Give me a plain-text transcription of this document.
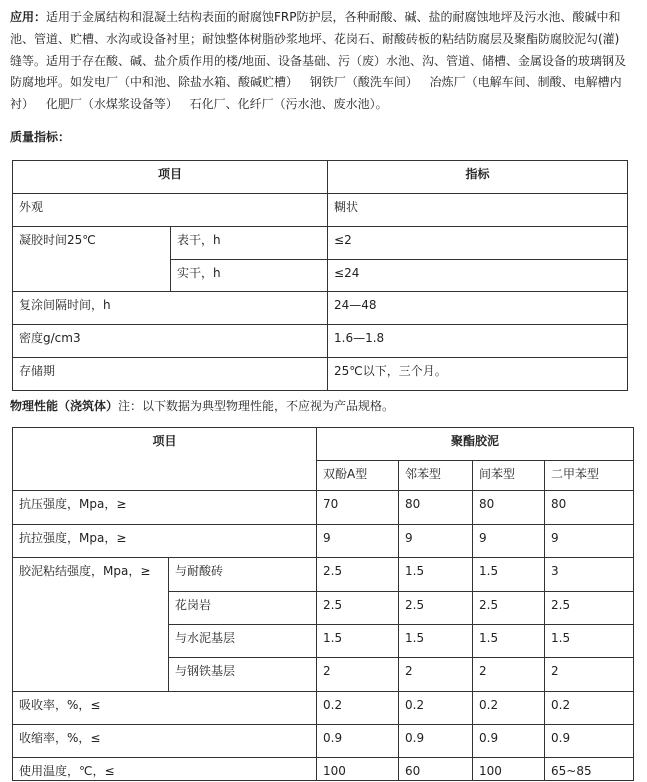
应用：适用于金属结构和混凝土结构表面的耐腐蚀FRP防护层，各种耐酸、碱、盐的耐腐蚀地坪及污水池、酸碱中和
池、管道、贮槽、水沟或设备衬里；耐蚀整体树脂砂浆地坪、花岗石、耐酸砖板的粘结防腐层及聚酯防腐胶泥勾(灌)
缝等。适用于存在酸、碱、盐介质作用的楼/地面、设备基础、污（废）水池、沟、管道、储槽、金属设备的玻璃钢及
防腐地坪。如发电厂（中和池、除盐水箱、酸碱贮槽） 钢铁厂（酸洗车间） 冶炼厂（电解车间、制酸、电解槽内
衬） 化肥厂（水煤浆设备等） 石化厂、化纤厂（污水池、废水池）。
质量指标：
项目		指标
外观		糊状
凝胶时间25℃	表干，h	≤2
	实干，h	≤24
复涂间隔时间，h		24—48
密度g/cm3		1.6—1.8
存储期		25℃以下，三个月。
物理性能（浇筑体）注：以下数据为典型物理性能，不应视为产品规格。
项目		聚酯胶泥			
		双酚A型	邻苯型	间苯型	二甲苯型
抗压强度，Mpa，≥		70	80	80	80
抗拉强度，Mpa，≥		9	9	9	9
胶泥粘结强度，Mpa，≥	与耐酸砖	2.5	1.5	1.5	3
	花岗岩	2.5	2.5	2.5	2.5
	与水泥基层	1.5	1.5	1.5	1.5
	与钢铁基层	2	2	2	2
吸收率，%，≤		0.2	0.2	0.2	0.2
收缩率，%，≤		0.9	0.9	0.9	0.9
使用温度，℃，≤		100	60	100	65~85
